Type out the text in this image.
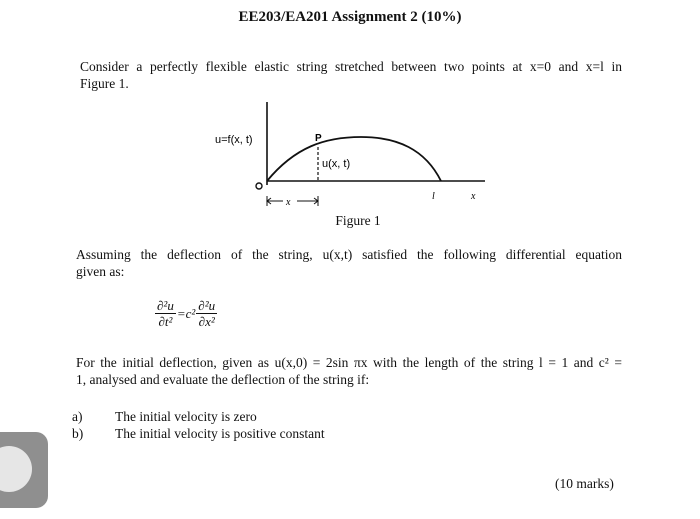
EE203/EA201 Assignment 2 (10%)
Consider a perfectly flexible elastic string stretched between two points at x=0 and x=l in
Figure 1.
u=f(x, t)	P
u(x, t)
x
l	x
Figure 1
Assuming the deflection of the string, u(x,t) satisfied the following differential equation
given as:
$\frac{\text{∂²u}}{\text{∂t²}} =c^2 \frac{\text{∂²u}}{\text{∂x²}}$
For the initial deflection, given as u(x,0) = 2sin πx with the length of the string l = 1 and c² =
1, analysed and evaluate the deflection of the string if:
a)	The initial velocity is zero
b)	The initial velocity is positive constant
(10 marks)
